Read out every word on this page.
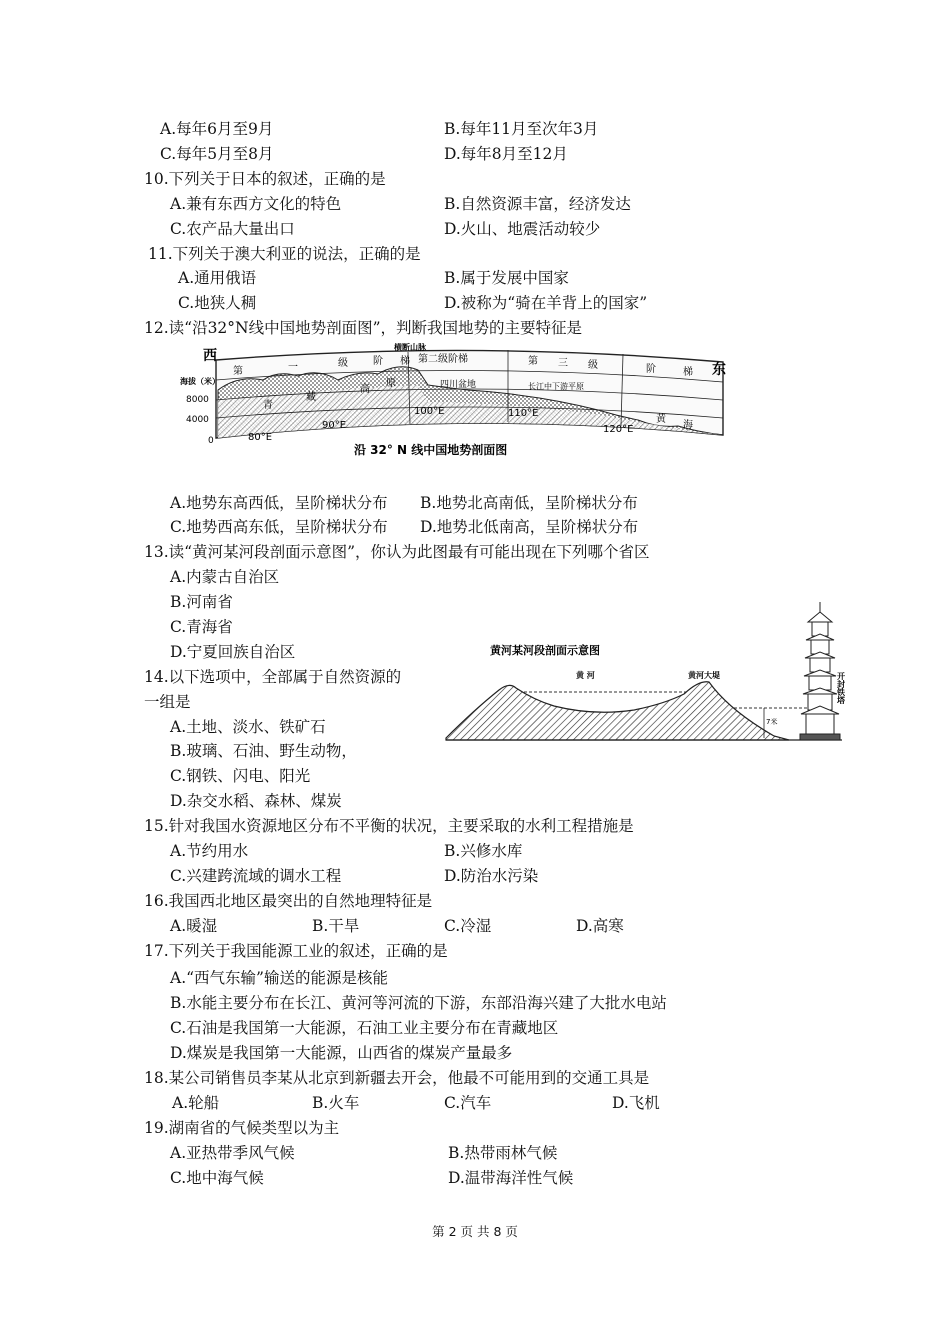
A.每年6月至9月	B.每年11月至次年3月
C.每年5月至8月	D.每年8月至12月
10.下列关于日本的叙述，正确的是
A.兼有东西方文化的特色	B.自然资源丰富，经济发达
C.农产品大量出口	D.火山、地震活动较少
11.下列关于澳大利亚的说法，正确的是
A.通用俄语	B.属于发展中国家
C.地狭人稠	D.被称为“骑在羊背上的国家”
12.读“沿32°N线中国地势剖面图”，判断我国地势的主要特征是
西
东
海拔（米）
8000
4000
0
横断山脉
第	一	级	阶 梯 第二级阶梯	第 三 级	阶	梯
青
藏
高
原	四川盆地	长江中下游平原
黄
海
80°E
90°E
100°E	110°E
120°E
沿 32° N 线中国地势剖面图
A.地势东高西低，呈阶梯状分布 B.地势北高南低，呈阶梯状分布
C.地势西高东低，呈阶梯状分布 D.地势北低南高，呈阶梯状分布
13.读“黄河某河段剖面示意图”，你认为此图最有可能出现在下列哪个省区
A.内蒙古自治区
B.河南省
C.青海省
D.宁夏回族自治区	黄河某河段剖面示意图
黄 河	黄河大堤
7米
开封铁塔
14.以下选项中，全部属于自然资源的
一组是
A.土地、淡水、铁矿石
B.玻璃、石油、野生动物，
C.钢铁、闪电、阳光
D.杂交水稻、森林、煤炭
15.针对我国水资源地区分布不平衡的状况，主要采取的水利工程措施是
A.节约用水	B.兴修水库
C.兴建跨流域的调水工程	D.防治水污染
16.我国西北地区最突出的自然地理特征是
A.暖湿	B.干旱	C.冷湿	D.高寒
17.下列关于我国能源工业的叙述，正确的是
A.“西气东输”输送的能源是核能
B.水能主要分布在长江、黄河等河流的下游，东部沿海兴建了大批水电站
C.石油是我国第一大能源，石油工业主要分布在青藏地区
D.煤炭是我国第一大能源，山西省的煤炭产量最多
18.某公司销售员李某从北京到新疆去开会，他最不可能用到的交通工具是
A.轮船	B.火车	C.汽车	D.飞机
19.湖南省的气候类型以为主
A.亚热带季风气候	B.热带雨林气候
C.地中海气候	D.温带海洋性气候
第 2 页 共 8 页
